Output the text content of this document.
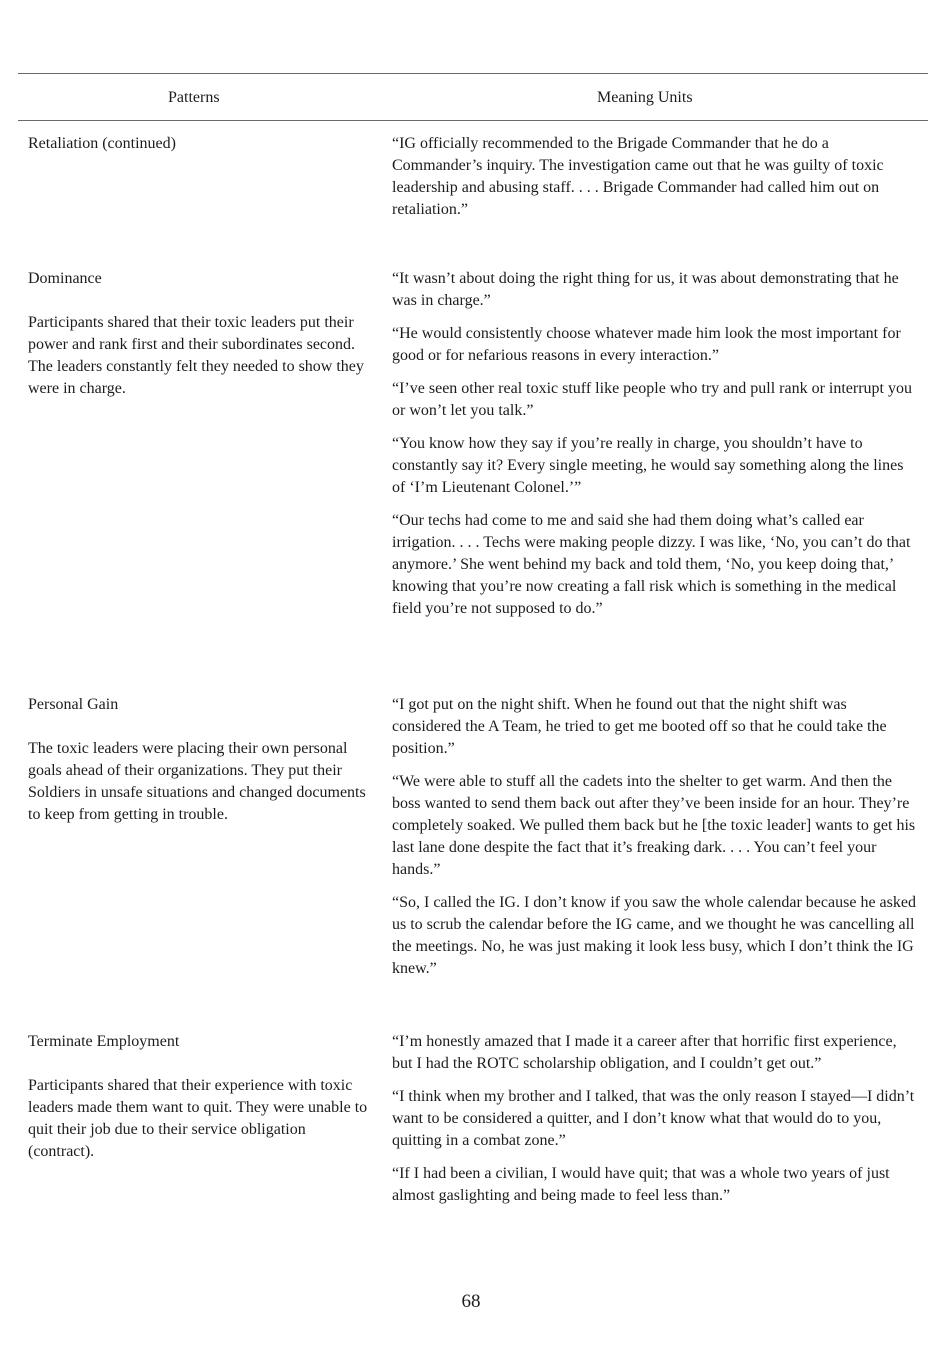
Patterns	Meaning Units
Retaliation (continued)	“IG officially recommended to the Brigade Commander that he do a Commander’s inquiry. The investigation came out that he was guilty of toxic leadership and abusing staff. . . . Brigade Commander had called him out on retaliation.”

Dominance
Participants shared that their toxic leaders put their power and rank first and their subordinates second. The leaders constantly felt they needed to show they were in charge.

“It wasn’t about doing the right thing for us, it was about demonstrating that he was in charge.”

“He would consistently choose whatever made him look the most important for good or for nefarious reasons in every interaction.”

“I’ve seen other real toxic stuff like people who try and pull rank or interrupt you or won’t let you talk.”

“You know how they say if you’re really in charge, you shouldn’t have to constantly say it? Every single meeting, he would say something along the lines of ‘I’m Lieutenant Colonel.’”

“Our techs had come to me and said she had them doing what’s called ear irrigation. . . . Techs were making people dizzy. I was like, ‘No, you can’t do that anymore.’ She went behind my back and told them, ‘No, you keep doing that,’ knowing that you’re now creating a fall risk which is something in the medical field you’re not supposed to do.”

Personal Gain
The toxic leaders were placing their own personal goals ahead of their organizations. They put their Soldiers in unsafe situations and changed documents to keep from getting in trouble.

“I got put on the night shift. When he found out that the night shift was considered the A Team, he tried to get me booted off so that he could take the position.”

“We were able to stuff all the cadets into the shelter to get warm. And then the boss wanted to send them back out after they’ve been inside for an hour. They’re completely soaked. We pulled them back but he [the toxic leader] wants to get his last lane done despite the fact that it’s freaking dark. . . . You can’t feel your hands.”

“So, I called the IG. I don’t know if you saw the whole calendar because he asked us to scrub the calendar before the IG came, and we thought he was cancelling all the meetings. No, he was just making it look less busy, which I don’t think the IG knew.”

Terminate Employment
Participants shared that their experience with toxic leaders made them want to quit. They were unable to quit their job due to their service obligation (contract).

“I’m honestly amazed that I made it a career after that horrific first experience, but I had the ROTC scholarship obligation, and I couldn’t get out.”

“I think when my brother and I talked, that was the only reason I stayed—I didn’t want to be considered a quitter, and I don’t know what that would do to you, quitting in a combat zone.”

“If I had been a civilian, I would have quit; that was a whole two years of just almost gaslighting and being made to feel less than.”

68
